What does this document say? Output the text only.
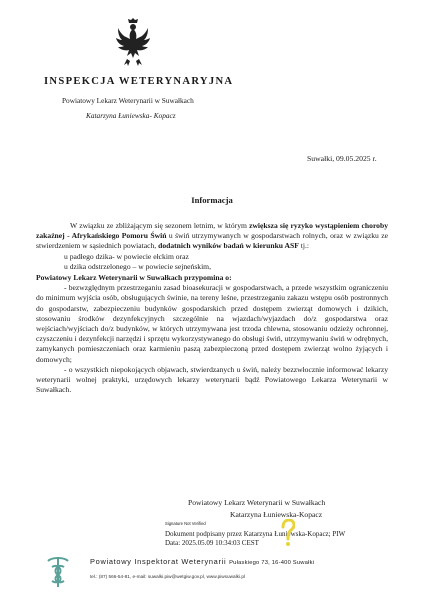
INSPEKCJA WETERYNARYJNA
Powiatowy Lekarz Weterynarii w Suwałkach
Katarzyna Łuniewska- Kopacz
Suwałki, 09.05.2025 r.
Informacja

W związku ze zbliżającym się sezonem letnim, w którym zwiększa się ryzyko wystąpieniem choroby zakaźnej - Afrykańskiego Pomoru Świń u świń utrzymywanych w gospodarstwach rolnych, oraz w związku ze stwierdzeniem w sąsiednich powiatach, dodatnich wyników badań w kierunku ASF tj.:

u padłego dzika- w powiecie ełckim oraz

u dzika odstrzelonego – w powiecie sejneńskim,

Powiatowy Lekarz Weterynarii w Suwałkach przypomina o:

- bezwzględnym przestrzeganiu zasad bioasekuracji w gospodarstwach, a przede wszystkim ograniczeniu do minimum wyjścia osób, obsługujących świnie, na tereny leśne, przestrzeganiu zakazu wstępu osób postronnych do gospodarstw, zabezpieczeniu budynków gospodarskich przed dostępem zwierząt domowych i dzikich, stosowaniu środków dezynfekcyjnych szczególnie na wjazdach/wyjazdach do/z gospodarstwa oraz wejściach/wyjściach do/z budynków, w których utrzymywana jest trzoda chlewna, stosowaniu odzieży ochronnej, czyszczeniu i dezynfekcji narzędzi i sprzętu wykorzystywanego do obsługi świń, utrzymywaniu świń w odrębnych, zamykanych pomieszczeniach oraz karmieniu paszą zabezpieczoną przed dostępem zwierząt wolno żyjących i domowych;

- o wszystkich niepokojących objawach, stwierdzanych u świń, należy bezzwłocznie informować lekarzy weterynarii wolnej praktyki, urzędowych lekarzy weterynarii bądź Powiatowego Lekarza Weterynarii w Suwałkach.

Powiatowy Lekarz Weterynarii w Suwałkach
Katarzyna Łuniewska-Kopacz
Signature Not Verified
Dokument podpisany przez Katarzyna Łuniewska-Kopacz; PIW
Data: 2025.05.09 10:34:03 CEST
Powiatowy Inspektorat Weterynarii Pułaskiego 73, 16-400 Suwałki
tel.: (87) 566-54-81, e-mail: suwalki.piw@wetgiw.gov.pl, www.piwsuwalki.pl
